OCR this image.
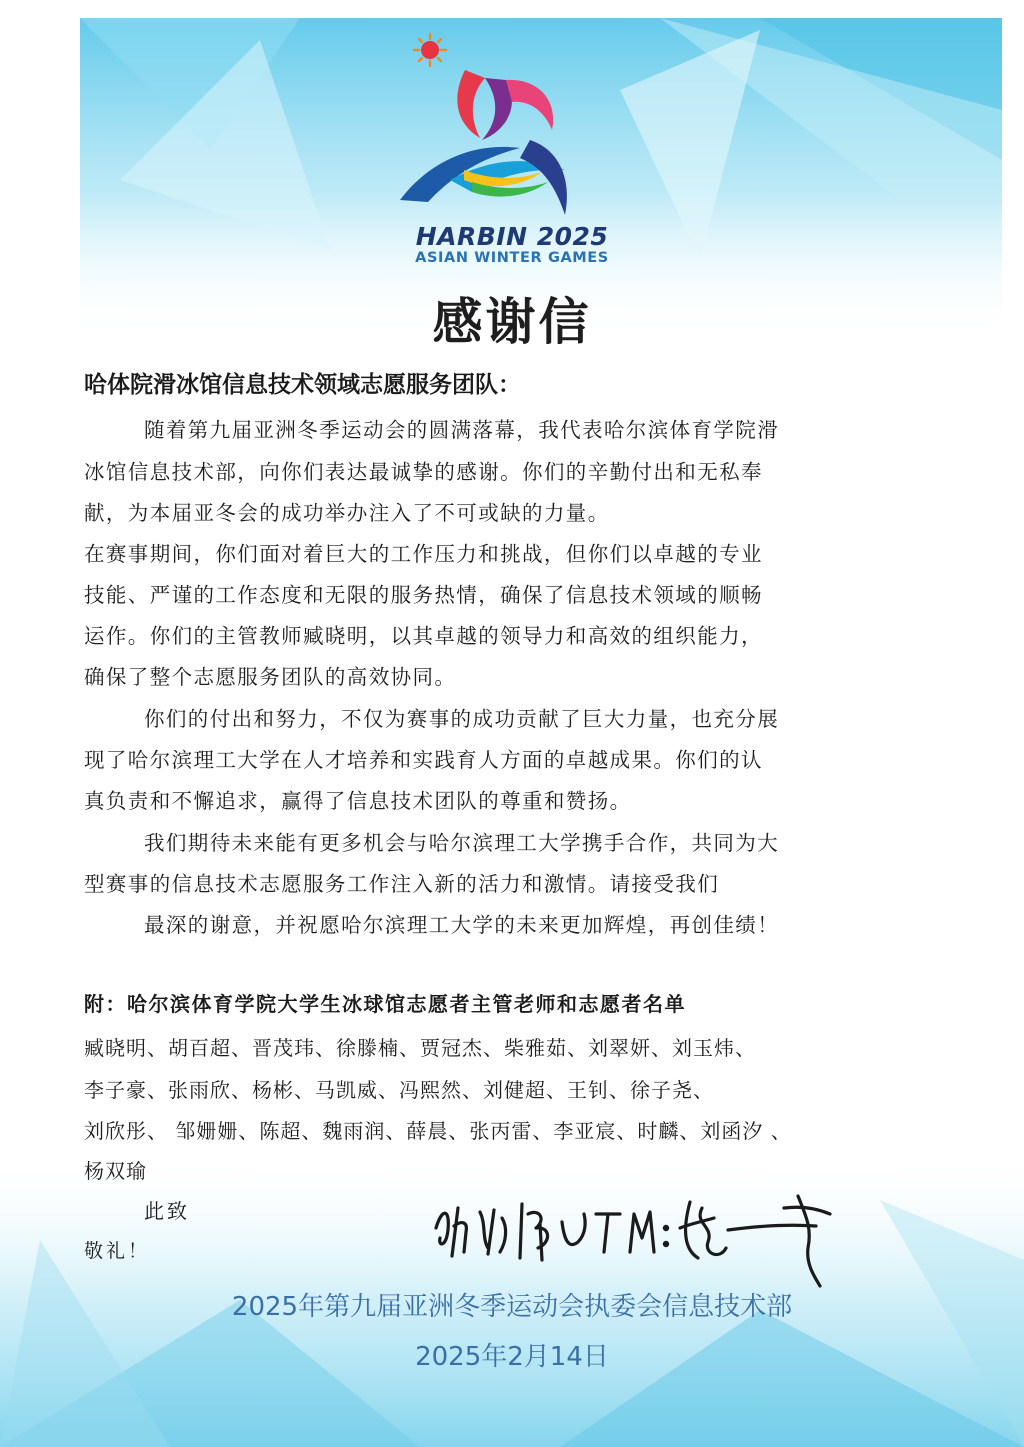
HARBIN 2025
ASIAN WINTER GAMES
感谢信
哈体院滑冰馆信息技术领域志愿服务团队：
随着第九届亚洲冬季运动会的圆满落幕，我代表哈尔滨体育学院滑
冰馆信息技术部，向你们表达最诚挚的感谢。你们的辛勤付出和无私奉
献，为本届亚冬会的成功举办注入了不可或缺的力量。
在赛事期间，你们面对着巨大的工作压力和挑战，但你们以卓越的专业
技能、严谨的工作态度和无限的服务热情，确保了信息技术领域的顺畅
运作。你们的主管教师臧晓明，以其卓越的领导力和高效的组织能力，
确保了整个志愿服务团队的高效协同。
你们的付出和努力，不仅为赛事的成功贡献了巨大力量，也充分展
现了哈尔滨理工大学在人才培养和实践育人方面的卓越成果。你们的认
真负责和不懈追求，赢得了信息技术团队的尊重和赞扬。
我们期待未来能有更多机会与哈尔滨理工大学携手合作，共同为大
型赛事的信息技术志愿服务工作注入新的活力和激情。请接受我们
最深的谢意，并祝愿哈尔滨理工大学的未来更加辉煌，再创佳绩！
附：哈尔滨体育学院大学生冰球馆志愿者主管老师和志愿者名单
臧晓明、胡百超、晋茂玮、徐滕楠、贾冠杰、柴雅茹、刘翠妍、刘玉炜、
李子豪、张雨欣、杨彬、马凯威、冯熙然、刘健超、王钊、徐子尧、
刘欣彤、 邹姗姗、陈超、魏雨润、薛晨、张丙雷、李亚宸、时麟、刘函汐 、
杨双瑜
此致
敬礼！
2025年第九届亚洲冬季运动会执委会信息技术部
2025年2月14日
